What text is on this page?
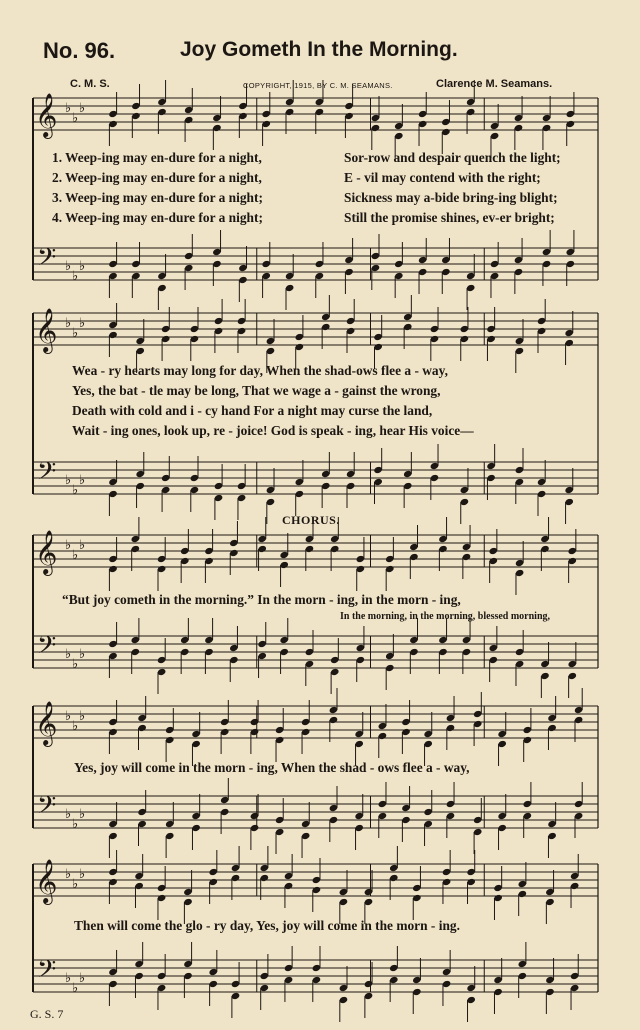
No. 96.	Joy Gometh In the Morning.
C. M. S.	COPYRIGHT, 1915, BY C. M. SEAMANS.	Clarence M. Seamans.
𝄞
𝄢
♭
♭
♭
♭
♭
♭
𝄞
𝄢
♭
♭
♭
♭
♭
♭
𝄞
𝄢
♭
♭
♭
♭
♭
♭
𝄞
𝄢
♭
♭
♭
♭
♭
♭
𝄞
𝄢
♭
♭
♭
♭
♭
♭
1. Weep-ing may en-dure for a night,	Sor-row and despair quench the light;
2. Weep-ing may en-dure for a night,	E - vil may contend with the right;
3. Weep-ing may en-dure for a night;	Sickness may a-bide bring-ing blight;
4. Weep-ing may en-dure for a night;	Still the promise shines, ev-er bright;
Wea - ry hearts may long for day, When the shad-ows flee a - way,
Yes, the bat - tle may be long, That we wage a - gainst the wrong,
Death with cold and i - cy hand For a night may curse the land,
Wait - ing ones, look up, re - joice! God is speak - ing, hear His voice—
CHORUS.
“But joy cometh in the morning.” In the morn - ing, in the morn - ing,
In the morning, in the morning, blessed morning,
Yes, joy will come in the morn - ing, When the shad - ows flee a - way,
Then will come the glo - ry day, Yes, joy will come in the morn - ing.
G. S. 7
